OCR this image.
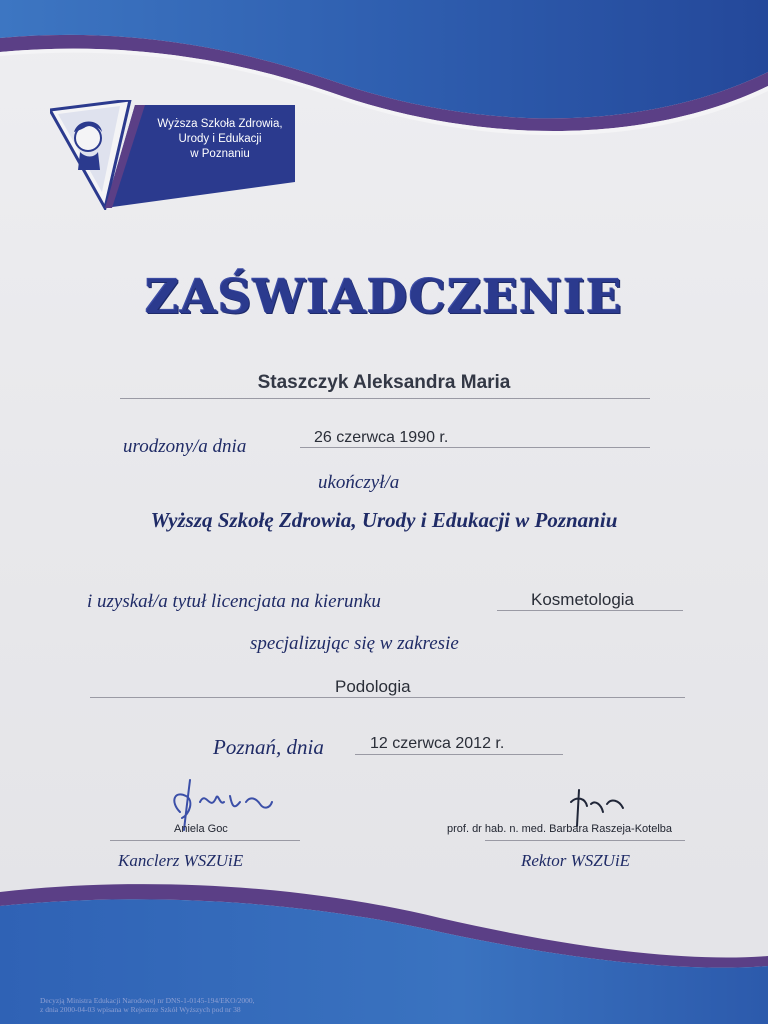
Wyższa Szkoła Zdrowia,
Urody i Edukacji
w Poznaniu
ZAŚWIADCZENIE
Staszczyk Aleksandra Maria
urodzony/a dnia	26 czerwca 1990 r.
ukończył/a
Wyższą Szkołę Zdrowia, Urody i Edukacji w Poznaniu
i uzyskał/a tytuł licencjata na kierunku	Kosmetologia
specjalizując się w zakresie
Podologia
Poznań, dnia	12 czerwca 2012 r.
Aniela Goc
Kanclerz WSZUiE
prof. dr hab. n. med. Barbara Raszeja-Kotelba
Rektor WSZUiE
Decyzją Ministra Edukacji Narodowej nr DNS-1-0145-194/EKO/2000,
z dnia 2000-04-03 wpisana w Rejestrze Szkół Wyższych pod nr 38
